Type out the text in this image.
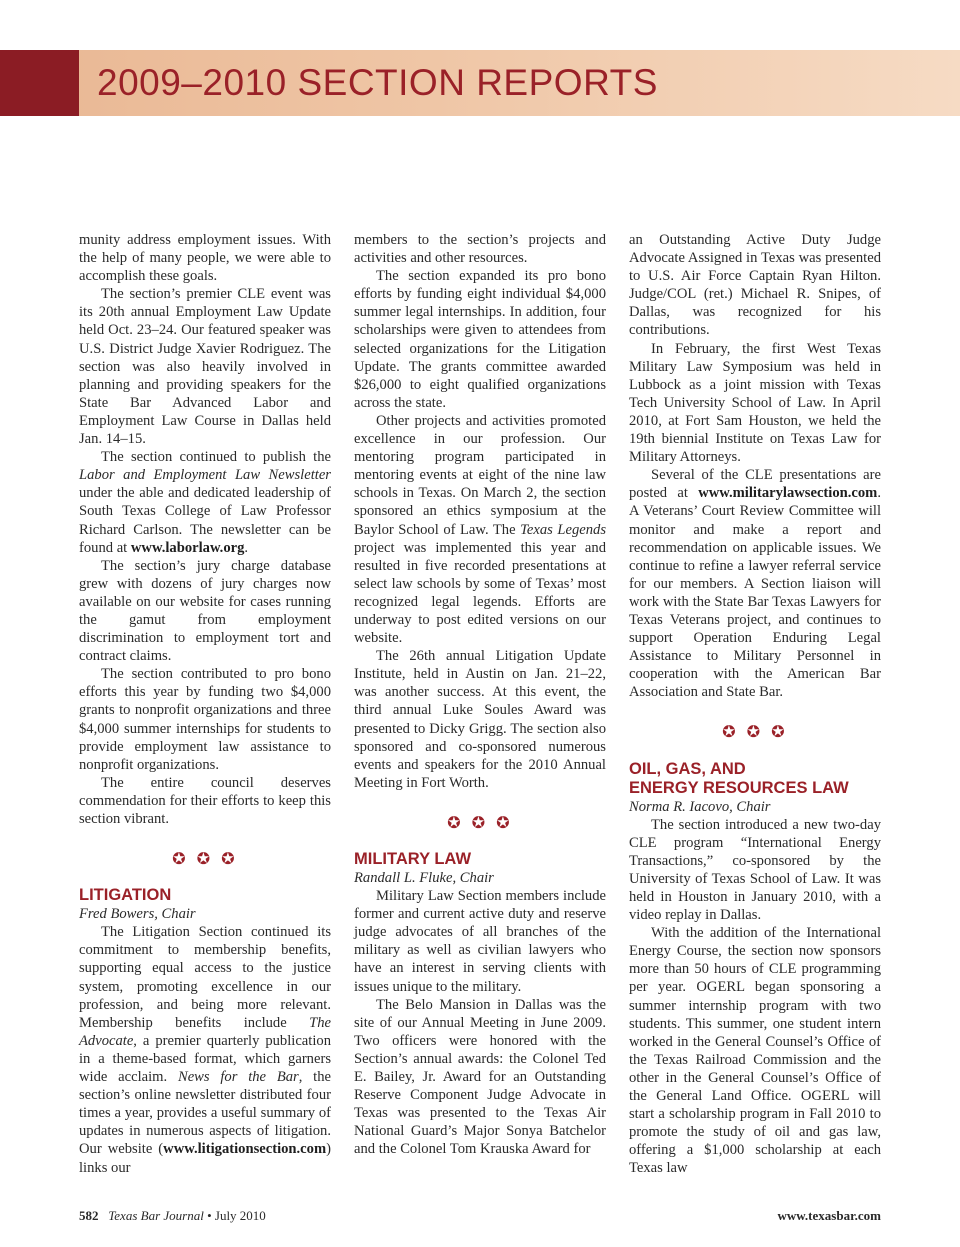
2009–2010 SECTION REPORTS

munity address employment issues. With the help of many people, we were able to accomplish these goals.

The section’s premier CLE event was its 20th annual Employment Law Update held Oct. 23–24. Our featured speaker was U.S. District Judge Xavier Rodriguez. The section was also heavily involved in planning and providing speakers for the State Bar Advanced Labor and Employment Law Course in Dallas held Jan. 14–15.

The section continued to publish the Labor and Employment Law Newsletter under the able and dedicated leadership of South Texas College of Law Professor Richard Carlson. The newsletter can be found at www.laborlaw.org.

The section’s jury charge database grew with dozens of jury charges now available on our website for cases running the gamut from employment discrimination to employment tort and contract claims.

The section contributed to pro bono efforts this year by funding two $4,000 grants to nonprofit organizations and three $4,000 summer internships for students to provide employment law assistance to nonprofit organizations.

The entire council deserves commendation for their efforts to keep this section vibrant.

✪ ✪ ✪
LITIGATION
Fred Bowers, Chair

The Litigation Section continued its commitment to membership benefits, supporting equal access to the justice system, promoting excellence in our profession, and being more relevant. Membership benefits include The Advocate, a premier quarterly publication in a theme-based format, which garners wide acclaim. News for the Bar, the section’s online newsletter distributed four times a year, provides a useful summary of updates in numerous aspects of litigation. Our website (www.litigationsection.com) links our

members to the section’s projects and activities and other resources.

The section expanded its pro bono efforts by funding eight individual $4,000 summer legal internships. In addition, four scholarships were given to attendees from selected organizations for the Litigation Update. The grants committee awarded $26,000 to eight qualified organizations across the state.

Other projects and activities promoted excellence in our profession. Our mentoring program participated in mentoring events at eight of the nine law schools in Texas. On March 2, the section sponsored an ethics symposium at the Baylor School of Law. The Texas Legends project was implemented this year and resulted in five recorded presentations at select law schools by some of Texas’ most recognized legal legends. Efforts are underway to post edited versions on our website.

The 26th annual Litigation Update Institute, held in Austin on Jan. 21–22, was another success. At this event, the third annual Luke Soules Award was presented to Dicky Grigg. The section also sponsored and co-sponsored numerous events and speakers for the 2010 Annual Meeting in Fort Worth.

✪ ✪ ✪
MILITARY LAW
Randall L. Fluke, Chair

Military Law Section members include former and current active duty and reserve judge advocates of all branches of the military as well as civilian lawyers who have an interest in serving clients with issues unique to the military.

The Belo Mansion in Dallas was the site of our Annual Meeting in June 2009. Two officers were honored with the Section’s annual awards: the Colonel Ted E. Bailey, Jr. Award for an Outstanding Reserve Component Judge Advocate in Texas was presented to the Texas Air National Guard’s Major Sonya Batchelor and the Colonel Tom Krauska Award for

an Outstanding Active Duty Judge Advocate Assigned in Texas was presented to U.S. Air Force Captain Ryan Hilton. Judge/COL (ret.) Michael R. Snipes, of Dallas, was recognized for his contributions.

In February, the first West Texas Military Law Symposium was held in Lubbock as a joint mission with Texas Tech University School of Law. In April 2010, at Fort Sam Houston, we held the 19th biennial Institute on Texas Law for Military Attorneys.

Several of the CLE presentations are posted at www.militarylawsection.com. A Veterans’ Court Review Committee will monitor and make a report and recommendation on applicable issues. We continue to refine a lawyer referral service for our members. A Section liaison will work with the State Bar Texas Lawyers for Texas Veterans project, and continues to support Operation Enduring Legal Assistance to Military Personnel in cooperation with the American Bar Association and State Bar.

✪ ✪ ✪
OIL, GAS, AND
ENERGY RESOURCES LAW
Norma R. Iacovo, Chair

The section introduced a new two-day CLE program “International Energy Transactions,” co-sponsored by the University of Texas School of Law. It was held in Houston in January 2010, with a video replay in Dallas.

With the addition of the International Energy Course, the section now sponsors more than 50 hours of CLE programming per year. OGERL began sponsoring a summer internship program with two students. This summer, one student intern worked in the General Counsel’s Office of the Texas Railroad Commission and the other in the General Counsel’s Office of the General Land Office. OGERL will start a scholarship program in Fall 2010 to promote the study of oil and gas law, offering a $1,000 scholarship at each Texas law

582 Texas Bar Journal • July 2010	www.texasbar.com
